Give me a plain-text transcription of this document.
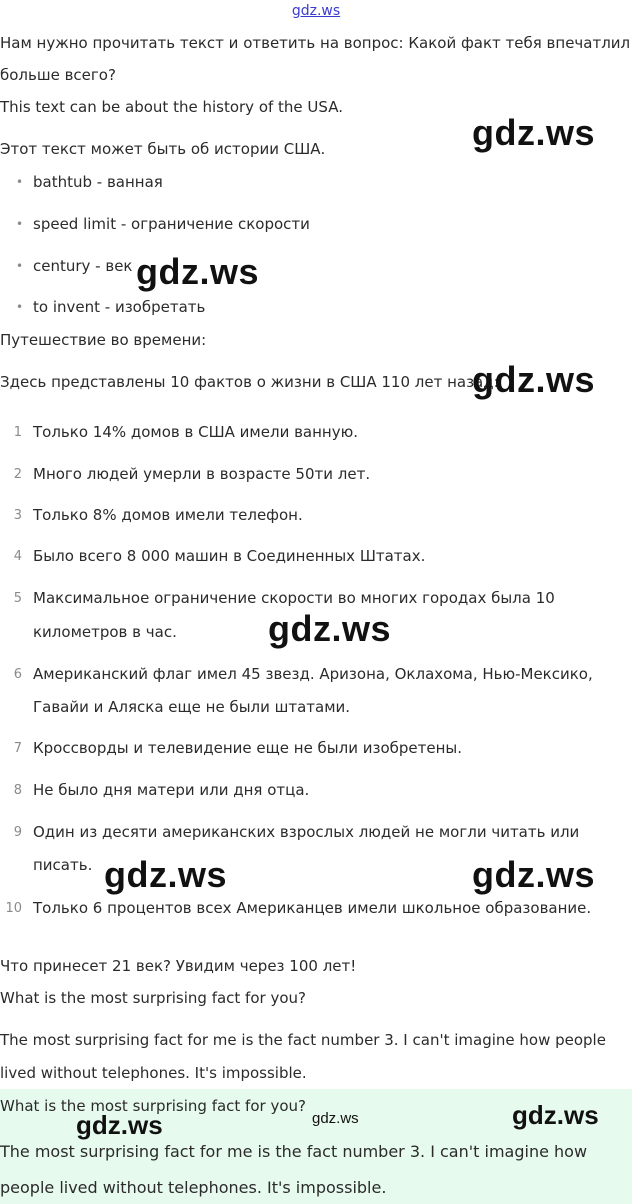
gdz.ws

Нам нужно прочитать текст и ответить на вопрос: Какой факт тебя впечатлил

больше всего?

This text can be about the history of the USA.

Этот текст может быть об истории США.

• bathtub - ванная

• speed limit - ограничение скорости

• century - век

• to invent - изобретать

Путешествие во времени:

Здесь представлены 10 фактов о жизни в США 110 лет назад:

1 Только 14% домов в США имели ванную.

2 Много людей умерли в возрасте 50ти лет.

3 Только 8% домов имели телефон.

4 Было всего 8 000 машин в Соединенных Штатах.

5 Максимальное ограничение скорости во многих городах была 10

километров в час.

6 Американский флаг имел 45 звезд. Аризона, Оклахома, Нью-Мексико,

Гавайи и Аляска еще не были штатами.

7 Кроссворды и телевидение еще не были изобретены.

8 Не было дня матери или дня отца.

9 Один из десяти американских взрослых людей не могли читать или

писать.

10 Только 6 процентов всех Американцев имели школьное образование.

Что принесет 21 век? Увидим через 100 лет!

What is the most surprising fact for you?

The most surprising fact for me is the fact number 3. I can't imagine how people

lived without telephones. It's impossible.

What is the most surprising fact for you?

The most surprising fact for me is the fact number 3. I can't imagine how

people lived without telephones. It's impossible.

gdz.ws
gdz.ws
gdz.ws
gdz.ws
gdz.ws	gdz.ws
gdz.ws
gdz.ws	gdz.ws
